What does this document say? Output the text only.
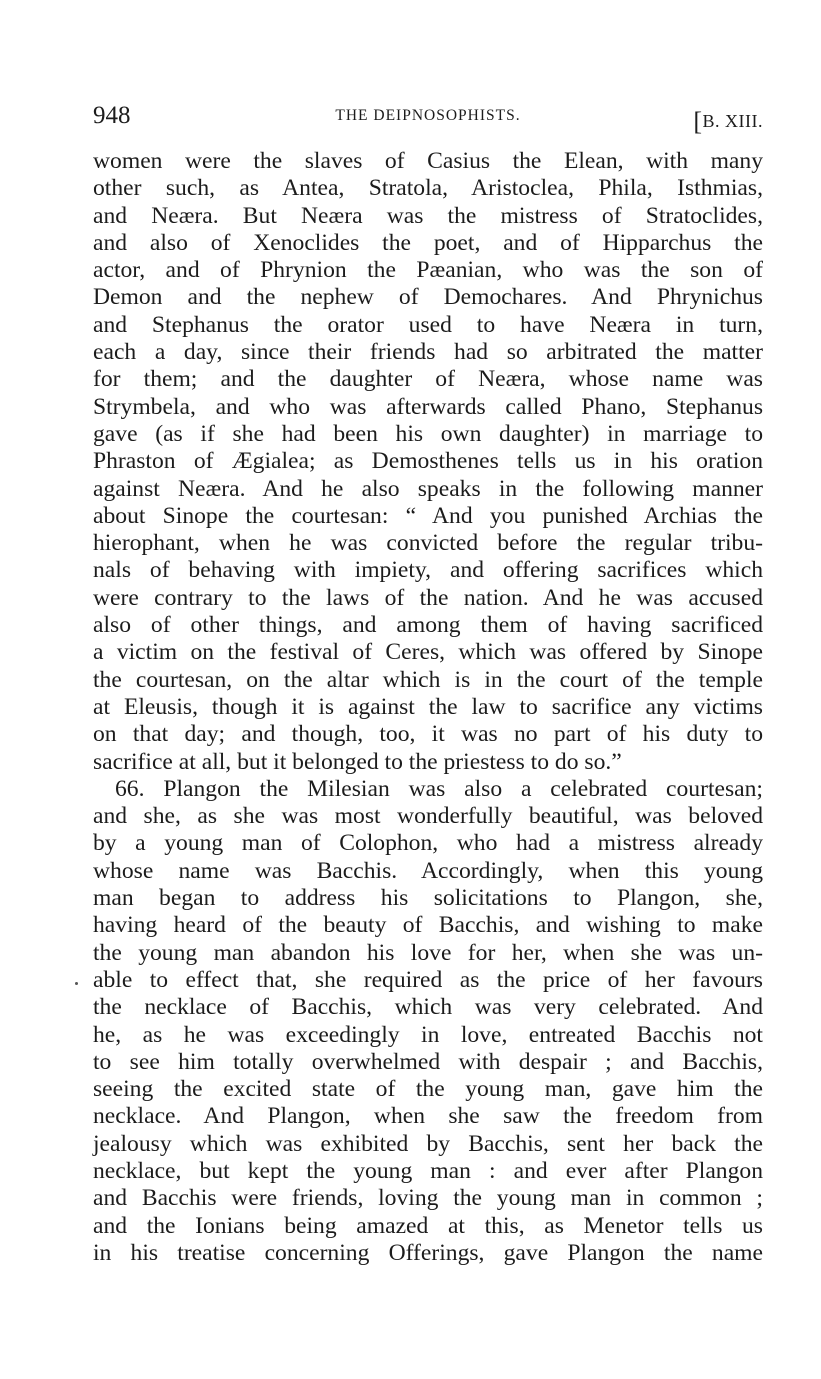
948	THE DEIPNOSOPHISTS.	[B. XIII.
women were the slaves of Casius the Elean, with many
other such, as Antea, Stratola, Aristoclea, Phila, Isthmias,
and Neæra. But Neæra was the mistress of Stratoclides,
and also of Xenoclides the poet, and of Hipparchus the
actor, and of Phrynion the Pæanian, who was the son of
Demon and the nephew of Demochares. And Phrynichus
and Stephanus the orator used to have Neæra in turn,
each a day, since their friends had so arbitrated the matter
for them; and the daughter of Neæra, whose name was
Strymbela, and who was afterwards called Phano, Stephanus
gave (as if she had been his own daughter) in marriage to
Phraston of Ægialea; as Demosthenes tells us in his oration
against Neæra. And he also speaks in the following manner
about Sinope the courtesan: “ And you punished Archias the
hierophant, when he was convicted before the regular tribu-
nals of behaving with impiety, and offering sacrifices which
were contrary to the laws of the nation. And he was accused
also of other things, and among them of having sacrificed
a victim on the festival of Ceres, which was offered by Sinope
the courtesan, on the altar which is in the court of the temple
at Eleusis, though it is against the law to sacrifice any victims
on that day; and though, too, it was no part of his duty to
sacrifice at all, but it belonged to the priestess to do so.”
66. Plangon the Milesian was also a celebrated courtesan;
and she, as she was most wonderfully beautiful, was beloved
by a young man of Colophon, who had a mistress already
whose name was Bacchis. Accordingly, when this young
man began to address his solicitations to Plangon, she,
having heard of the beauty of Bacchis, and wishing to make
the young man abandon his love for her, when she was un-
able to effect that, she required as the price of her favours
the necklace of Bacchis, which was very celebrated. And
he, as he was exceedingly in love, entreated Bacchis not
to see him totally overwhelmed with despair ; and Bacchis,
seeing the excited state of the young man, gave him the
necklace. And Plangon, when she saw the freedom from
jealousy which was exhibited by Bacchis, sent her back the
necklace, but kept the young man : and ever after Plangon
and Bacchis were friends, loving the young man in common ;
and the Ionians being amazed at this, as Menetor tells us
in his treatise concerning Offerings, gave Plangon the name
